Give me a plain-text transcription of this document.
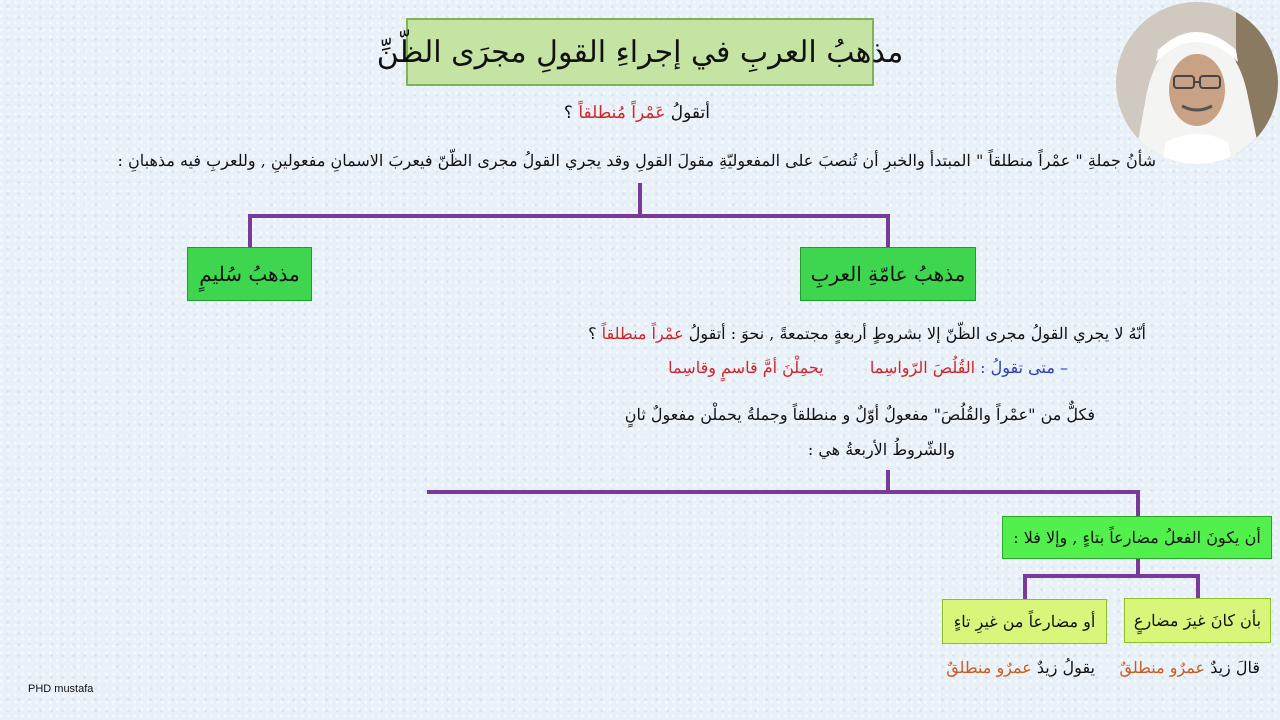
مذهبُ العربِ في إجراءِ القولِ مجرَى الظّنِّ
أتقولُ عَمْراً مُنطلقاً ؟
شأنُ جملةِ " عمْراً منطلقاً " المبتدأ والخبرِ أن تُنصبَ على المفعوليّةِ مقولَ القولِ وقد يجري القولُ مجرى الظّنّ فيعربَ الاسمانِ مفعولينِ , وللعربِ فيه مذهبانِ :
مذهبُ عامّةِ العربِ
مذهبُ سُليمٍ
أنّهُ لا يجري القولُ مجرى الظّنّ إلا بشروطٍ أربعةٍ مجتمعةً , نحوَ : أتقولُ عمْراً منطلقاً ؟
– متى تقولُ : القُلُصَ الرّواسِما  يحمِلْنَ أمَّ قاسمٍ وقاسِما
فكلٌّ من "عمْراً والقُلُصَ" مفعولٌ أوّلٌ و منطلقاً وجملةُ يحملْن مفعولٌ ثانٍ
والشّروطُ الأربعةُ هي :
أن يكونَ الفعلُ مضارعاً بتاءٍ , وإلا فلا :
بأن كانَ غيرَ مضارعٍ
أو مضارعاً من غيرِ تاءٍ
قالَ زيدٌ عمرٌو منطلقٌ
يقولُ زيدٌ عمرٌو منطلقٌ
PHD mustafa
